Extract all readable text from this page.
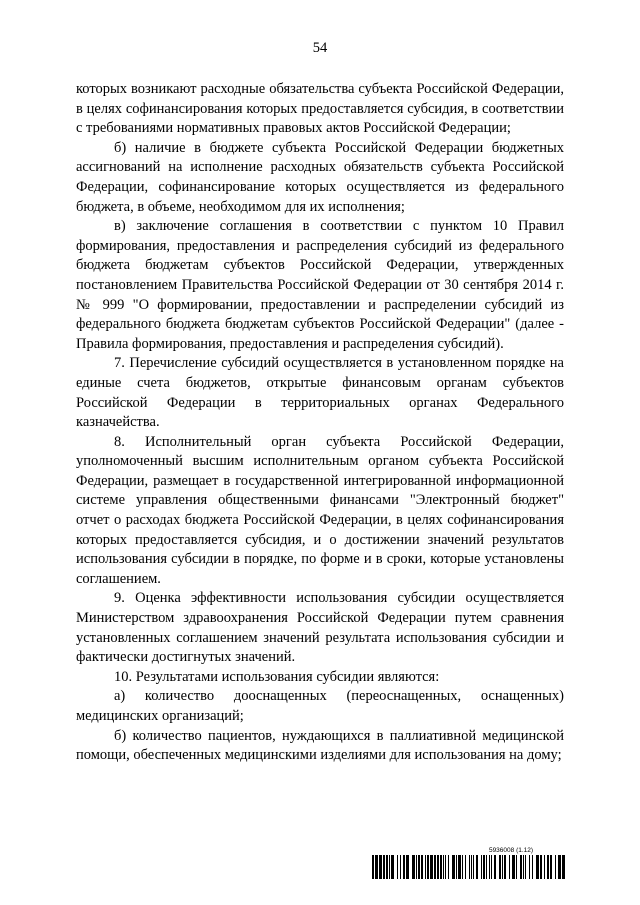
54

которых возникают расходные обязательства субъекта Российской Федерации, в целях софинансирования которых предоставляется субсидия, в соответствии с требованиями нормативных правовых актов Российской Федерации;

б) наличие в бюджете субъекта Российской Федерации бюджетных ассигнований на исполнение расходных обязательств субъекта Российской Федерации, софинансирование которых осуществляется из федерального бюджета, в объеме, необходимом для их исполнения;

в) заключение соглашения в соответствии с пунктом 10 Правил формирования, предоставления и распределения субсидий из федерального бюджета бюджетам субъектов Российской Федерации, утвержденных постановлением Правительства Российской Федерации от 30 сентября 2014 г. № 999 "О формировании, предоставлении и распределении субсидий из федерального бюджета бюджетам субъектов Российской Федерации" (далее - Правила формирования, предоставления и распределения субсидий).

7. Перечисление субсидий осуществляется в установленном порядке на единые счета бюджетов, открытые финансовым органам субъектов Российской Федерации в территориальных органах Федерального казначейства.

8. Исполнительный орган субъекта Российской Федерации, уполномоченный высшим исполнительным органом субъекта Российской Федерации, размещает в государственной интегрированной информационной системе управления общественными финансами "Электронный бюджет" отчет о расходах бюджета Российской Федерации, в целях софинансирования которых предоставляется субсидия, и о достижении значений результатов использования субсидии в порядке, по форме и в сроки, которые установлены соглашением.

9. Оценка эффективности использования субсидии осуществляется Министерством здравоохранения Российской Федерации путем сравнения установленных соглашением значений результата использования субсидии и фактически достигнутых значений.

10. Результатами использования субсидии являются:

а) количество дооснащенных (переоснащенных, оснащенных) медицинских организаций;

б) количество пациентов, нуждающихся в паллиативной медицинской помощи, обеспеченных медицинскими изделиями для использования на дому;

5936008 (1.12)
